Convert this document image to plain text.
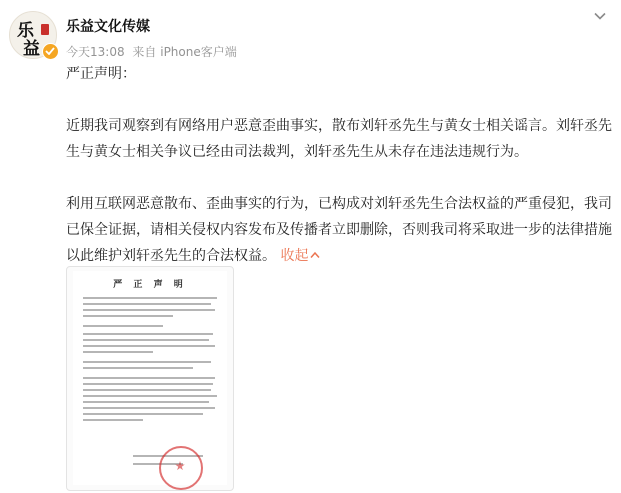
乐
益
乐益文化传媒
今天13:08 来自 iPhone客户端

严正声明：

近期我司观察到有网络用户恶意歪曲事实，散布刘轩丞先生与黄女士相关谣言。刘轩丞先生与黄女士相关争议已经由司法裁判，刘轩丞先生从未存在违法违规行为。

利用互联网恶意散布、歪曲事实的行为，已构成对刘轩丞先生合法权益的严重侵犯，我司已保全证据，请相关侵权内容发布及传播者立即删除，否则我司将采取进一步的法律措施以此维护刘轩丞先生的合法权益。 收起

严 正 声 明
